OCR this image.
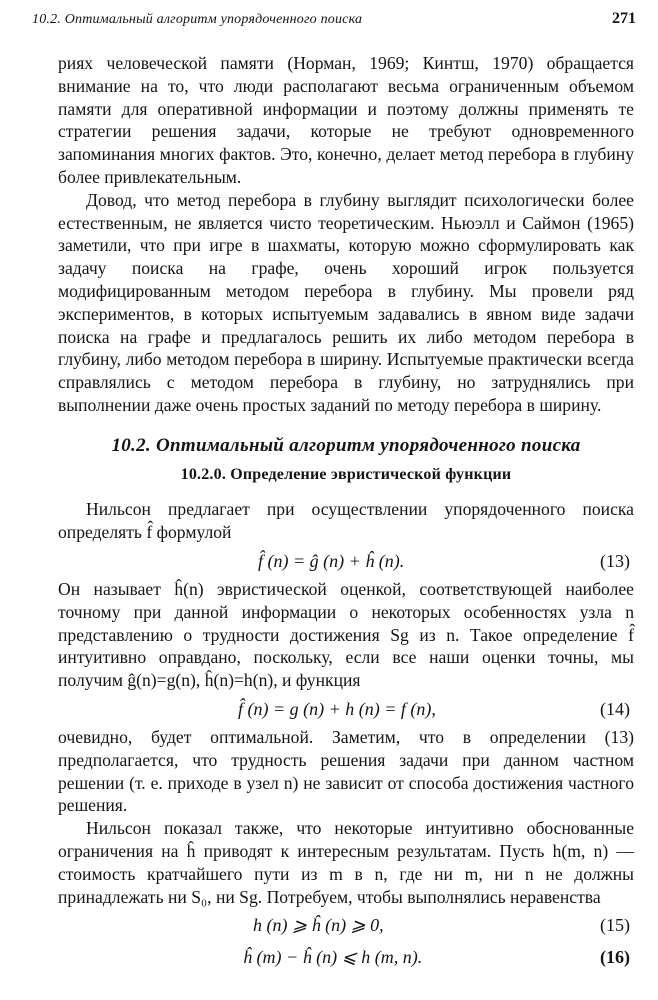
10.2. Оптимальный алгоритм упорядоченного поиска	271

риях человеческой памяти (Норман, 1969; Кинтш, 1970) обращается внимание на то, что люди располагают весьма ограниченным объемом памяти для оперативной информации и поэтому должны применять те стратегии решения задачи, которые не требуют одновременного запоминания многих фактов. Это, конечно, делает метод перебора в глубину более привлекательным.

Довод, что метод перебора в глубину выглядит психологически более естественным, не является чисто теоретическим. Ньюэлл и Саймон (1965) заметили, что при игре в шахматы, которую можно сформулировать как задачу поиска на графе, очень хороший игрок пользуется модифицированным методом перебора в глубину. Мы провели ряд экспериментов, в которых испытуемым задавались в явном виде задачи поиска на графе и предлагалось решить их либо методом перебора в глубину, либо методом перебора в ширину. Испытуемые практически всегда справлялись с методом перебора в глубину, но затруднялись при выполнении даже очень простых заданий по методу перебора в ширину.

10.2. Оптимальный алгоритм упорядоченного поиска
10.2.0. Определение эвристической функции

Нильсон предлагает при осуществлении упорядоченного поиска определять f̂ формулой

f̂ (n) = ĝ (n) + ĥ (n).	(13)

Он называет ĥ(n) эвристической оценкой, соответствующей наиболее точному при данной информации о некоторых особенностях узла n представлению о трудности достижения Sg из n. Такое определение f̂ интуитивно оправдано, поскольку, если все наши оценки точны, мы получим ĝ(n)=g(n), ĥ(n)=h(n), и функция

f̂ (n) = g (n) + h (n) = f (n),	(14)

очевидно, будет оптимальной. Заметим, что в определении (13) предполагается, что трудность решения задачи при данном частном решении (т. е. приходе в узел n) не зависит от способа достижения частного решения.

Нильсон показал также, что некоторые интуитивно обоснованные ограничения на ĥ приводят к интересным результатам. Пусть h(m, n) — стоимость кратчайшего пути из m в n, где ни m, ни n не должны принадлежать ни S₀, ни Sg. Потребуем, чтобы выполнялись неравенства

h (n) ⩾ ĥ (n) ⩾ 0,	(15)
ĥ (m) − ĥ (n) ⩽ h (m, n).	(16)
